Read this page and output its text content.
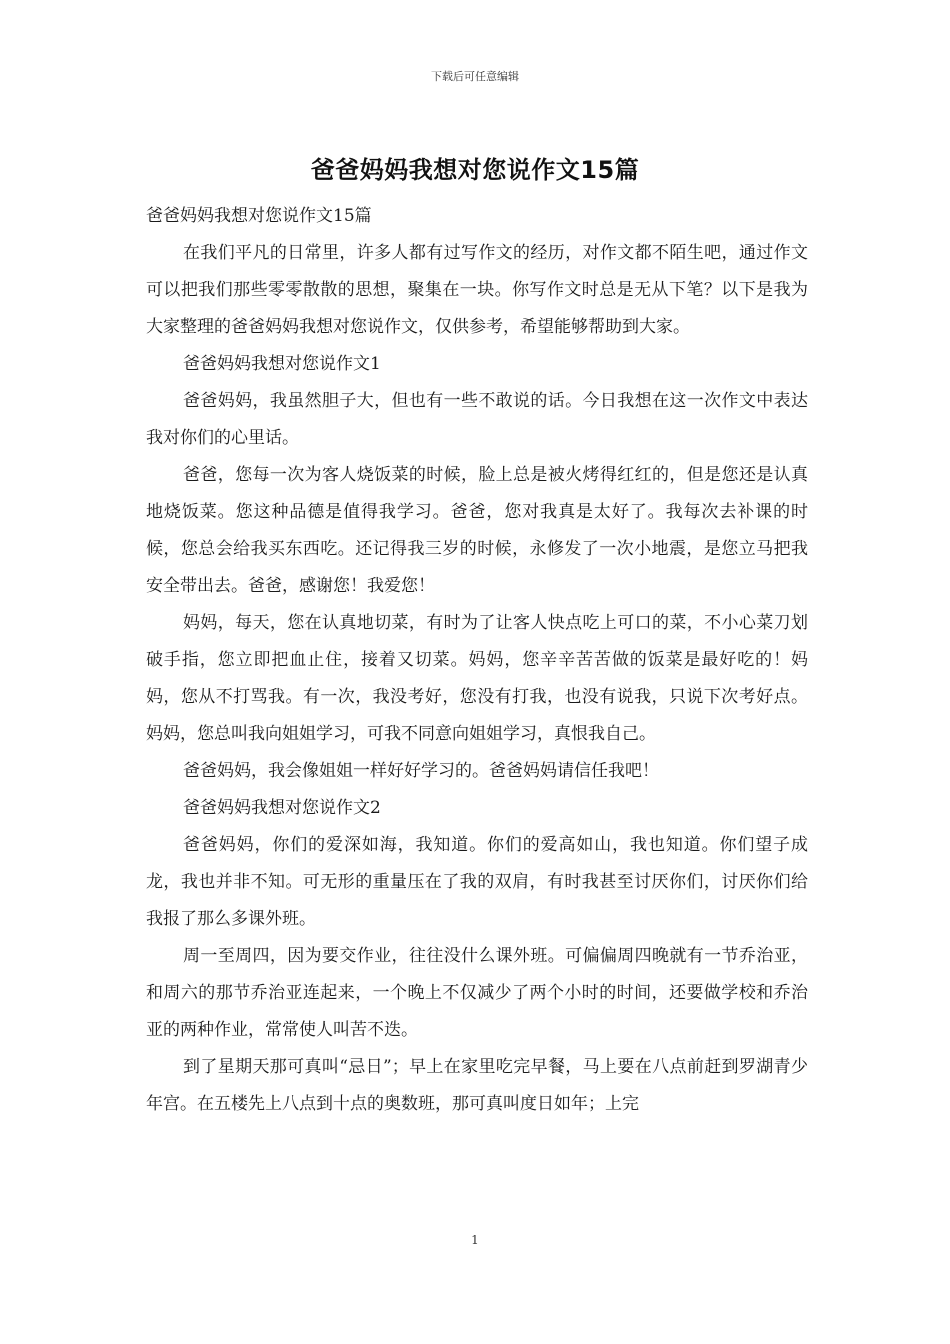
下载后可任意编辑
爸爸妈妈我想对您说作文15篇

爸爸妈妈我想对您说作文15篇

在我们平凡的日常里，许多人都有过写作文的经历，对作文都不陌生吧，通过作文可以把我们那些零零散散的思想，聚集在一块。你写作文时总是无从下笔？以下是我为大家整理的爸爸妈妈我想对您说作文，仅供参考，希望能够帮助到大家。

爸爸妈妈我想对您说作文1

爸爸妈妈，我虽然胆子大，但也有一些不敢说的话。今日我想在这一次作文中表达我对你们的心里话。

爸爸，您每一次为客人烧饭菜的时候，脸上总是被火烤得红红的，但是您还是认真地烧饭菜。您这种品德是值得我学习。爸爸，您对我真是太好了。我每次去补课的时候，您总会给我买东西吃。还记得我三岁的时候，永修发了一次小地震，是您立马把我安全带出去。爸爸，感谢您！我爱您！

妈妈，每天，您在认真地切菜，有时为了让客人快点吃上可口的菜，不小心菜刀划破手指，您立即把血止住，接着又切菜。妈妈，您辛辛苦苦做的饭菜是最好吃的！妈妈，您从不打骂我。有一次，我没考好，您没有打我，也没有说我，只说下次考好点。妈妈，您总叫我向姐姐学习，可我不同意向姐姐学习，真恨我自己。

爸爸妈妈，我会像姐姐一样好好学习的。爸爸妈妈请信任我吧！

爸爸妈妈我想对您说作文2

爸爸妈妈，你们的爱深如海，我知道。你们的爱高如山，我也知道。你们望子成龙，我也并非不知。可无形的重量压在了我的双肩，有时我甚至讨厌你们，讨厌你们给我报了那么多课外班。

周一至周四，因为要交作业，往往没什么课外班。可偏偏周四晚就有一节乔治亚，和周六的那节乔治亚连起来，一个晚上不仅减少了两个小时的时间，还要做学校和乔治亚的两种作业，常常使人叫苦不迭。

到了星期天那可真叫“忌日”；早上在家里吃完早餐，马上要在八点前赶到罗湖青少年宫。在五楼先上八点到十点的奥数班，那可真叫度日如年；上完

1
